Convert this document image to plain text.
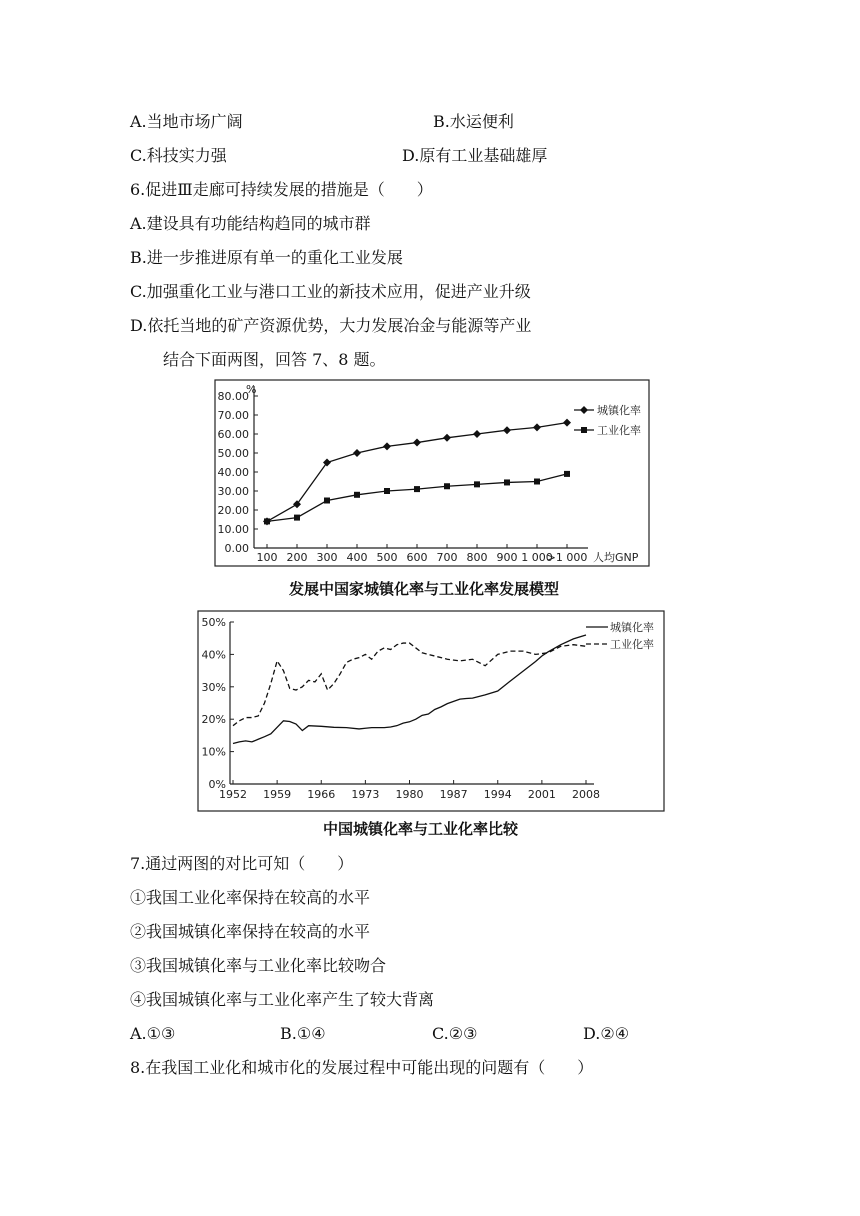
A.当地市场广阔	B.水运便利
C.科技实力强	D.原有工业基础雄厚
6.促进Ⅲ走廊可持续发展的措施是（　　）
A.建设具有功能结构趋同的城市群
B.进一步推进原有单一的重化工业发展
C.加强重化工业与港口工业的新技术应用，促进产业升级
D.依托当地的矿产资源优势，大力发展冶金与能源等产业
结合下面两图，回答 7、8 题。
%
0.00
10.00
20.00
30.00
40.00
50.00
60.00
70.00
80.00
100 200 300 400 500 600 700 800 900 1 000
>1 000
城镇化率
工业化率
人均GNP
发展中国家城镇化率与工业化率发展模型
0%
10%
20%
30%
40%
50%
1952 1959 1966 1973 1980 1987 1994 2001 2008
城镇化率
工业化率
中国城镇化率与工业化率比较
7.通过两图的对比可知（　　）
①我国工业化率保持在较高的水平
②我国城镇化率保持在较高的水平
③我国城镇化率与工业化率比较吻合
④我国城镇化率与工业化率产生了较大背离
A.①③	B.①④	C.②③	D.②④
8.在我国工业化和城市化的发展过程中可能出现的问题有（　　）
